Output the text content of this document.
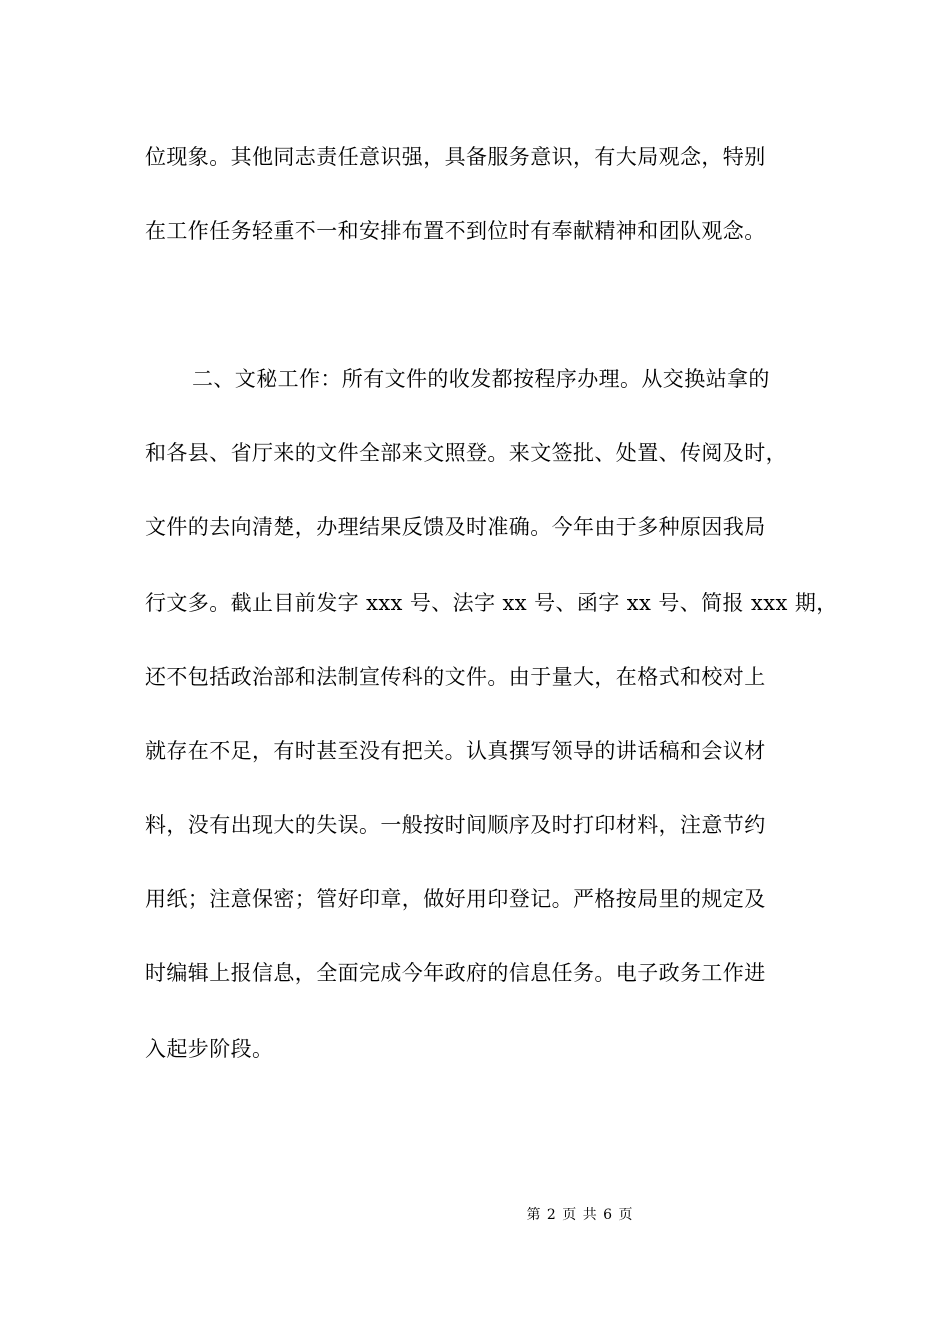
位现象。其他同志责任意识强，具备服务意识，有大局观念，特别
在工作任务轻重不一和安排布置不到位时有奉献精神和团队观念。
二、文秘工作：所有文件的收发都按程序办理。从交换站拿的
和各县、省厅来的文件全部来文照登。来文签批、处置、传阅及时，
文件的去向清楚，办理结果反馈及时准确。今年由于多种原因我局
行文多。截止目前发字 xxx 号、法字 xx 号、函字 xx 号、简报 xxx 期，
还不包括政治部和法制宣传科的文件。由于量大，在格式和校对上
就存在不足，有时甚至没有把关。认真撰写领导的讲话稿和会议材
料，没有出现大的失误。一般按时间顺序及时打印材料，注意节约
用纸；注意保密；管好印章，做好用印登记。严格按局里的规定及
时编辑上报信息，全面完成今年政府的信息任务。电子政务工作进
入起步阶段。
第 2 页 共 6 页
